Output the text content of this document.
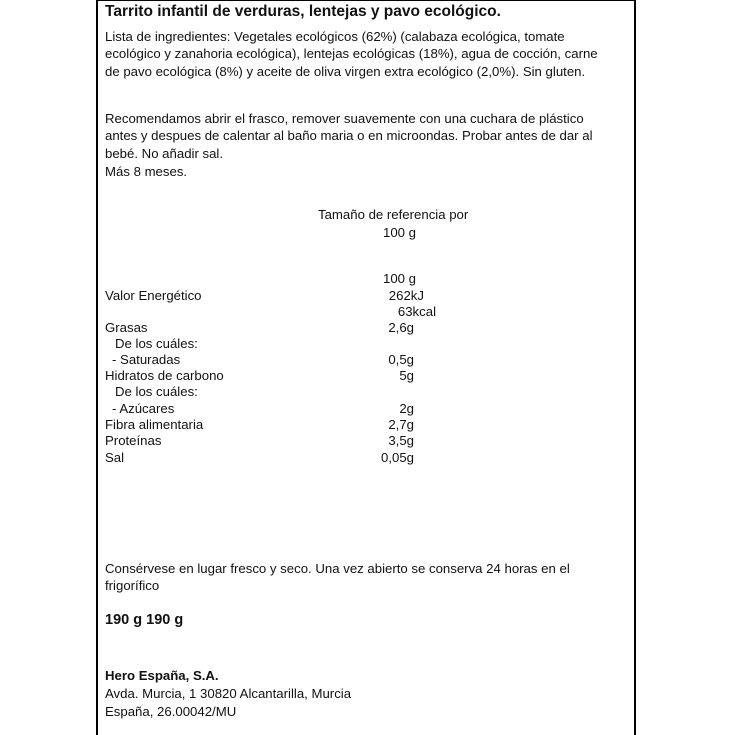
Tarrito infantil de verduras, lentejas y pavo ecológico.
Lista de ingredientes: Vegetales ecológicos (62%) (calabaza ecológica, tomate ecológico y zanahoria ecológica), lentejas ecológicas (18%), agua de cocción, carne de pavo ecológica (8%) y aceite de oliva virgen extra ecológico (2,0%). Sin gluten.
Recomendamos abrir el frasco, remover suavemente con una cuchara de plástico antes y despues de calentar al baño maria o en microondas. Probar antes de dar al bebé. No añadir sal.
Más 8 meses.
Tamaño de referencia por
100 g
100 g
Valor Energético	262kJ
63kcal
Grasas	2,6g
De los cuáles:
- Saturadas	0,5g
Hidratos de carbono	5g
De los cuáles:
- Azúcares	2g
Fibra alimentaria	2,7g
Proteínas	3,5g
Sal	0,05g
Consérvese en lugar fresco y seco. Una vez abierto se conserva 24 horas en el frigorífico
190 g 190 g
Hero España, S.A.
Avda. Murcia, 1 30820 Alcantarilla, Murcia
España, 26.00042/MU
